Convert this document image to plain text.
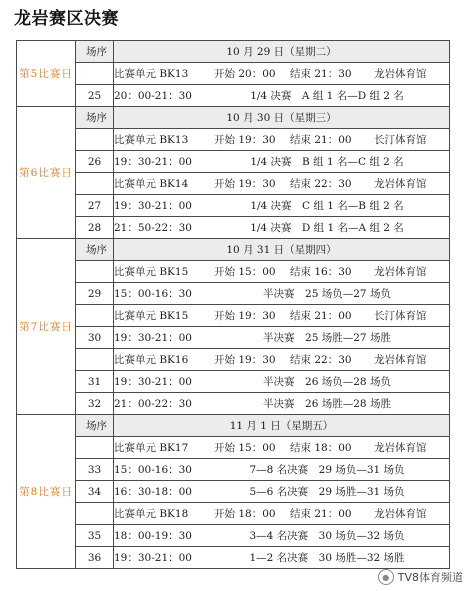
龙岩赛区决赛
第5比赛日	场序	10 月 29 日（星期二）
		比赛单元 BK13 开始 20：00 结束 21：30 龙岩体育馆
	25	20：00-21：30 1/4 决赛　A 组 1 名—D 组 2 名
第6比赛日	场序	10 月 30 日（星期三）
		比赛单元 BK13 开始 19：30 结束 21：00 长汀体育馆
	26	19：30-21：00 1/4 决赛　B 组 1 名—C 组 2 名
		比赛单元 BK14 开始 19：30 结束 22：30 龙岩体育馆
	27	19：30-21：00 1/4 决赛　C 组 1 名—B 组 2 名
	28	21：50-22：30 1/4 决赛　D 组 1 名—A 组 2 名
第7比赛日	场序	10 月 31 日（星期四）
		比赛单元 BK15 开始 15：00 结束 16：30 龙岩体育馆
	29	15：00-16：30 半决赛　25 场负—27 场负
		比赛单元 BK15 开始 19：30 结束 21：00 长汀体育馆
	30	19：30-21：00 半决赛　25 场胜—27 场胜
		比赛单元 BK16 开始 19：30 结束 22：30 龙岩体育馆
	31	19：30-21：00 半决赛　26 场负—28 场负
	32	21：00-22：30 半决赛　26 场胜—28 场胜
第8比赛日	场序	11 月 1 日（星期五）
		比赛单元 BK17 开始 15：00 结束 18：00 龙岩体育馆
	33	15：00-16：30 7—8 名决赛　29 场负—31 场负
	34	16：30-18：00 5—6 名决赛　29 场胜—31 场负
		比赛单元 BK18 开始 18：00 结束 21：00 龙岩体育馆
	35	18：00-19：30 3—4 名决赛　30 场负—32 场负
	36	19：30-21：00 1—2 名决赛　30 场胜—32 场胜
● TV8体育频道
